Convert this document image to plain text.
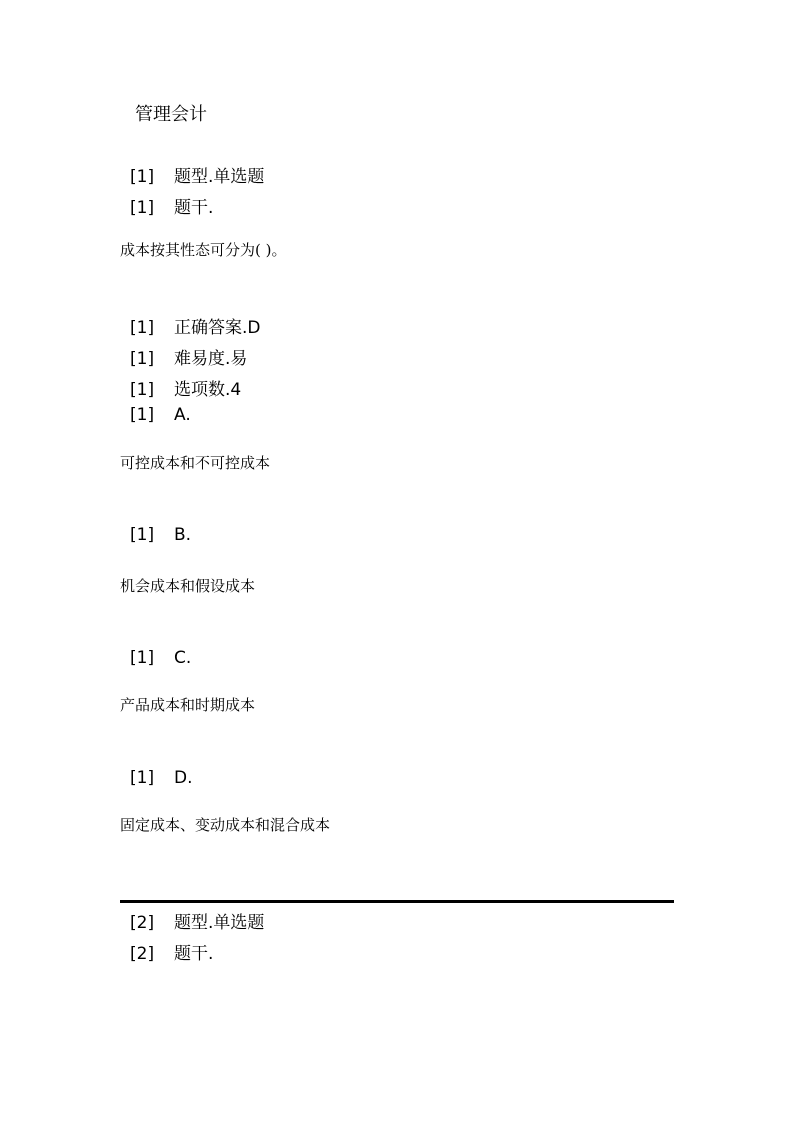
管理会计
[1] 题型.单选题
[1] 题干.
成本按其性态可分为( )。
[1] 正确答案.D
[1] 难易度.易
[1] 选项数.4
[1] A.
可控成本和不可控成本
[1] B.
机会成本和假设成本
[1] C.
产品成本和时期成本
[1] D.
固定成本、变动成本和混合成本
[2] 题型.单选题
[2] 题干.
